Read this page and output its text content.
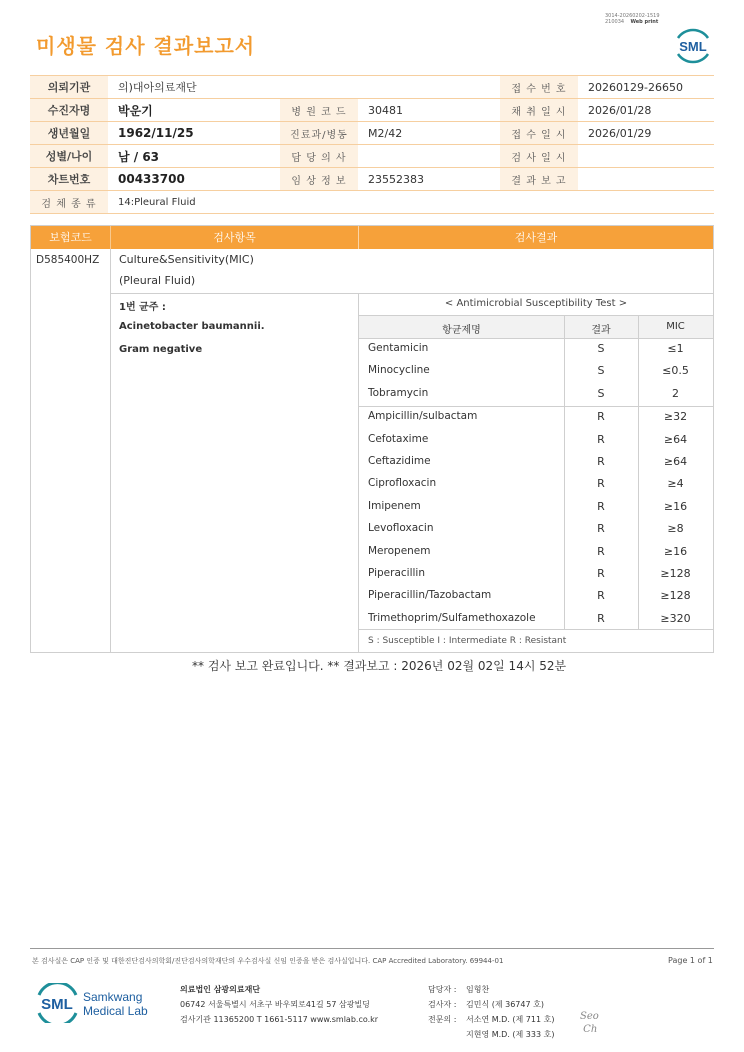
미생물 검사 결과보고서
3014-20260202-1519
210034 Web print
SML
의뢰기관	의)대아의료재단			접 수 번 호	20260129-26650
수진자명	박운기	병 원 코 드	30481	채 취 일 시	2026/01/28
생년월일	1962/11/25	진료과/병동	M2/42	접 수 일 시	2026/01/29
성별/나이	남 / 63	담 당 의 사		검 사 일 시	
차트번호	00433700	임 상 정 보	23552383	결 과 보 고	
검 체 종 류	14:Pleural Fluid				
보험코드	검사항목	검사결과
D585400HZ Culture&Sensitivity(MIC)
(Pleural Fluid)
1번 균주 :
Acinetobacter baumannii.
Gram negative
< Antimicrobial Susceptibility Test >
항균제명	결과	MIC
Gentamicin	S	≤1
Minocycline	S	≤0.5
Tobramycin	S	2
Ampicillin/sulbactam	R	≥32
Cefotaxime	R	≥64
Ceftazidime	R	≥64
Ciprofloxacin	R	≥4
Imipenem	R	≥16
Levofloxacin	R	≥8
Meropenem	R	≥16
Piperacillin	R	≥128
Piperacillin/Tazobactam	R	≥128
Trimethoprim/Sulfamethoxazole	R	≥320
S : Susceptible I : Intermediate R : Resistant
** 검사 보고 완료입니다. ** 결과보고 : 2026년 02월 02일 14시 52분
본 검사실은 CAP 인증 및 대한진단검사의학회/진단검사의학재단의 우수검사실 신임 인증을 받은 검사실입니다. CAP Accredited Laboratory. 69944-01	Page 1 of 1
SML Samkwang
Medical Lab
의료법인 삼광의료재단
06742 서울특별시 서초구 바우뫼로41길 57 삼광빌딩
검사기관 11365200 T 1661-5117 www.smlab.co.kr
담당자 : 임형찬
검사자 : 김민식 (제 36747 호)
전문의 : 서소연 M.D. (제 711 호)
지현영 M.D. (제 333 호)
Seo
Ch
